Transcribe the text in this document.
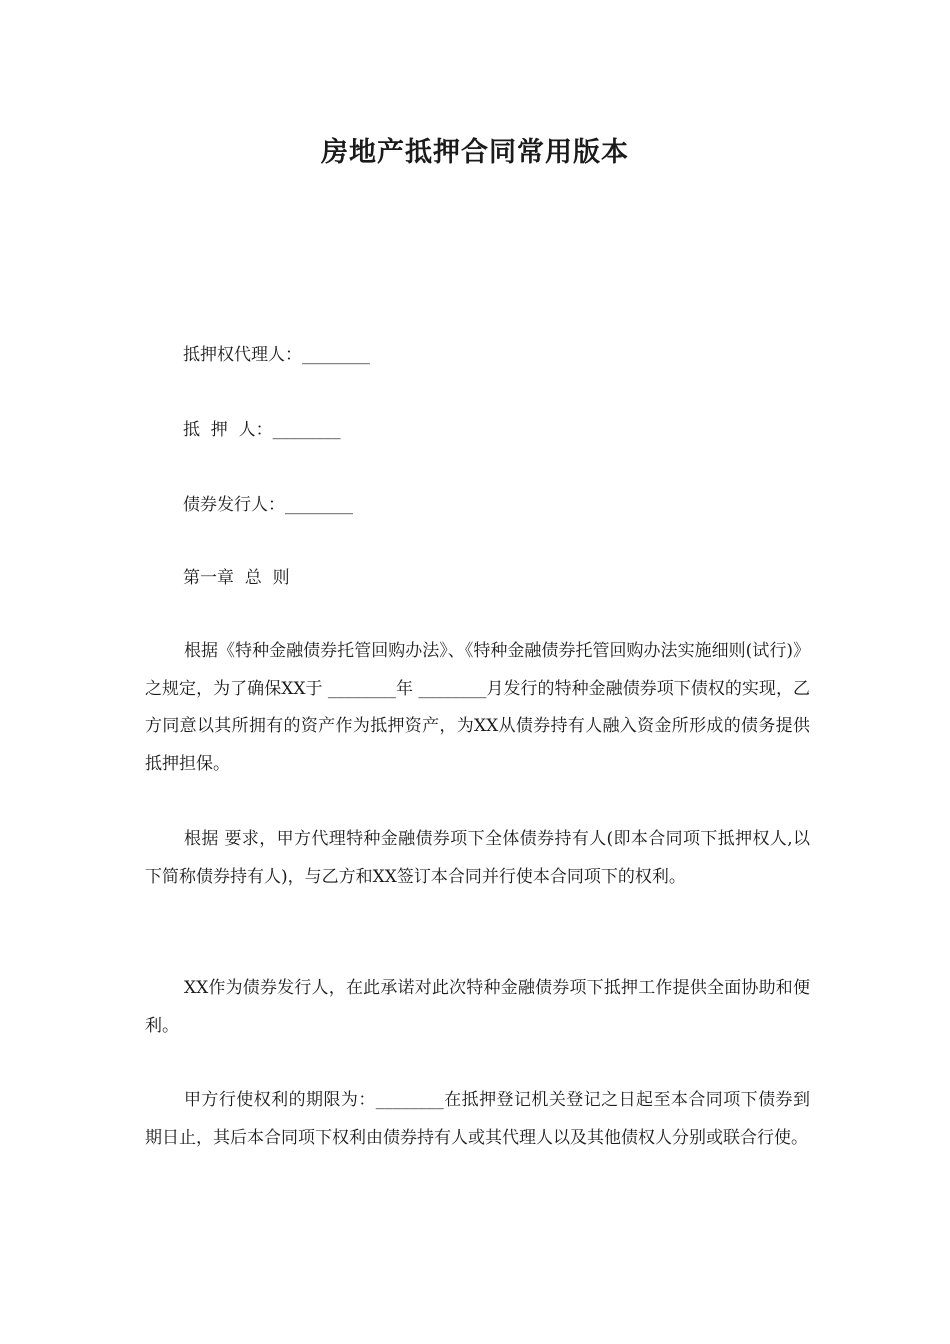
房地产抵押合同常用版本
抵押权代理人：________
抵  押  人：________
债券发行人：________
第一章  总  则

根据《特种金融债券托管回购办法》、《特种金融债券托管回购办法实施细则(试行)》之规定，为了确保XX于 ________年 ________月发行的特种金融债券项下债权的实现，乙方同意以其所拥有的资产作为抵押资产，为XX从债券持有人融入资金所形成的债务提供抵押担保。

根据 要求，甲方代理特种金融债券项下全体债券持有人(即本合同项下抵押权人,以下简称债券持有人)，与乙方和XX签订本合同并行使本合同项下的权利。

XX作为债券发行人，在此承诺对此次特种金融债券项下抵押工作提供全面协助和便利。

甲方行使权利的期限为：________在抵押登记机关登记之日起至本合同项下债券到期日止，其后本合同项下权利由债券持有人或其代理人以及其他债权人分别或联合行使。
